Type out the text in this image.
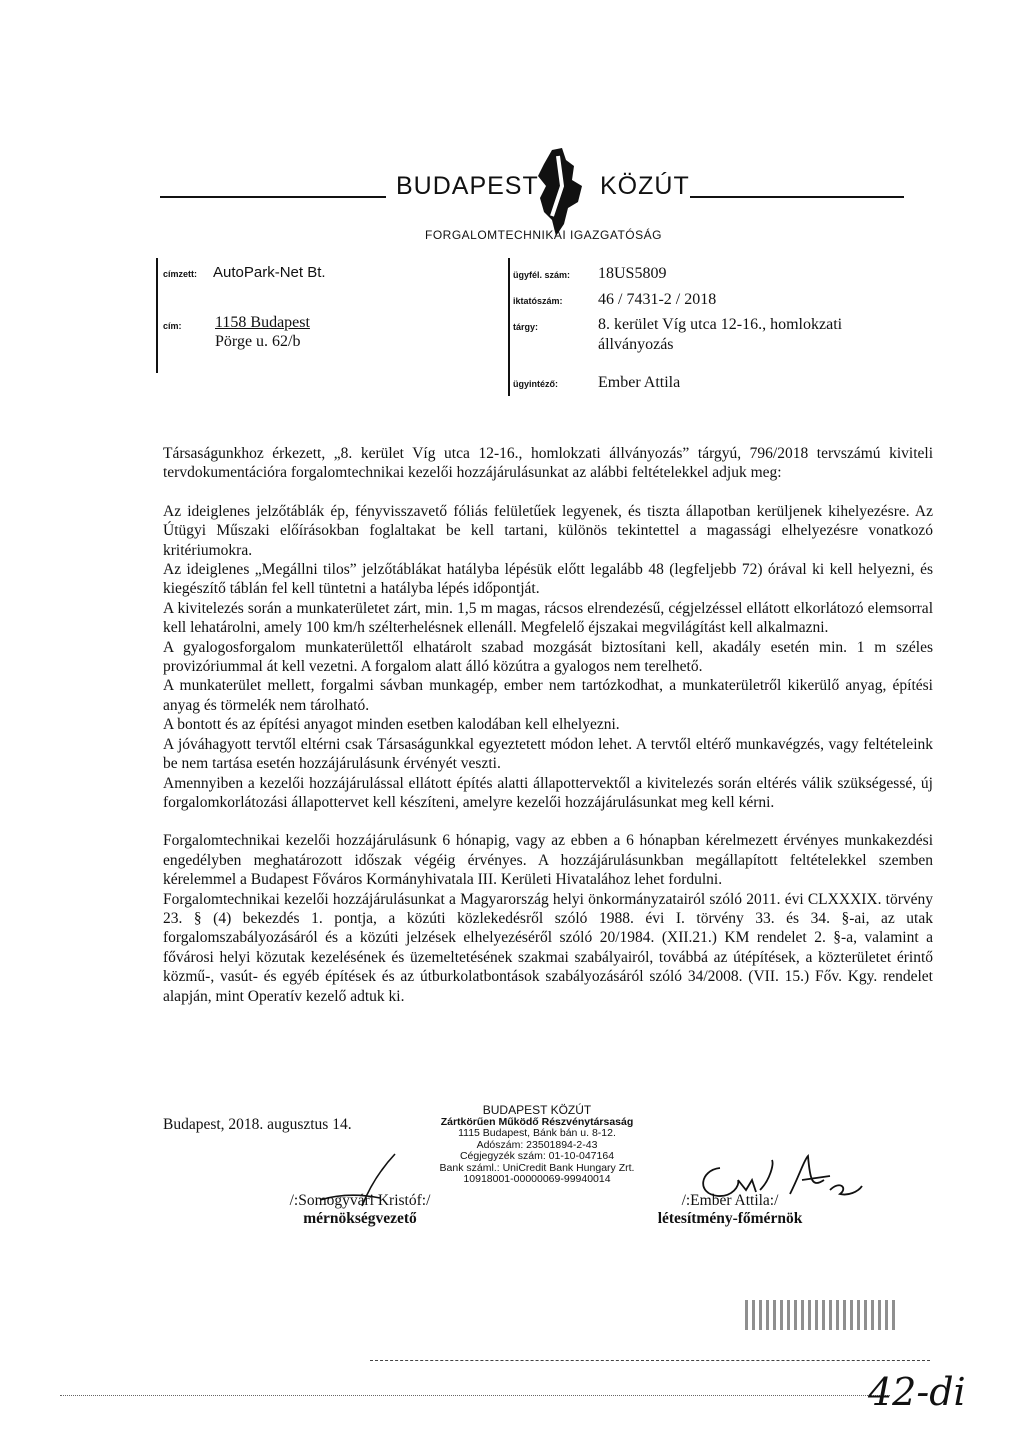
BUDAPEST KÖZÚT
FORGALOMTECHNIKAI IGAZGATÓSÁG
címzett: AutoPark-Net Bt.
cím: 1158 Budapest
Pörge u. 62/b
ügyfél. szám: 18US5809
iktatószám: 46 / 7431-2 / 2018
tárgy:	8. kerület Víg utca 12-16., homlokzati
állványozás
ügyintéző:	Ember Attila

Társaságunkhoz érkezett, „8. kerület Víg utca 12-16., homlokzati állványozás” tárgyú, 796/2018 tervszámú kiviteli tervdokumentációra forgalomtechnikai kezelői hozzájárulásunkat az alábbi feltételekkel adjuk meg:

Az ideiglenes jelzőtáblák ép, fényvisszavető fóliás felületűek legyenek, és tiszta állapotban kerüljenek kihelyezésre. Az Útügyi Műszaki előírásokban foglaltakat be kell tartani, különös tekintettel a magassági elhelyezésre vonatkozó kritériumokra.

Az ideiglenes „Megállni tilos” jelzőtáblákat hatályba lépésük előtt legalább 48 (legfeljebb 72) órával ki kell helyezni, és kiegészítő táblán fel kell tüntetni a hatályba lépés időpontját.

A kivitelezés során a munkaterületet zárt, min. 1,5 m magas, rácsos elrendezésű, cégjelzéssel ellátott elkorlátozó elemsorral kell lehatárolni, amely 100 km/h szélterhelésnek ellenáll. Megfelelő éjszakai megvilágítást kell alkalmazni.

A gyalogosforgalom munkaterülettől elhatárolt szabad mozgását biztosítani kell, akadály esetén min. 1 m széles provizóriummal át kell vezetni. A forgalom alatt álló közútra a gyalogos nem terelhető.

A munkaterület mellett, forgalmi sávban munkagép, ember nem tartózkodhat, a munkaterületről kikerülő anyag, építési anyag és törmelék nem tárolható.

A bontott és az építési anyagot minden esetben kalodában kell elhelyezni.

A jóváhagyott tervtől eltérni csak Társaságunkkal egyeztetett módon lehet. A tervtől eltérő munkavégzés, vagy feltételeink be nem tartása esetén hozzájárulásunk érvényét veszti.

Amennyiben a kezelői hozzájárulással ellátott építés alatti állapottervektől a kivitelezés során eltérés válik szükségessé, új forgalomkorlátozási állapottervet kell készíteni, amelyre kezelői hozzájárulásunkat meg kell kérni.

Forgalomtechnikai kezelői hozzájárulásunk 6 hónapig, vagy az ebben a 6 hónapban kérelmezett érvényes munkakezdési engedélyben meghatározott időszak végéig érvényes. A hozzájárulásunkban megállapított feltételekkel szemben kérelemmel a Budapest Főváros Kormányhivatala III. Kerületi Hivatalához lehet fordulni.

Forgalomtechnikai kezelői hozzájárulásunkat a Magyarország helyi önkormányzatairól szóló 2011. évi CLXXXIX. törvény 23. § (4) bekezdés 1. pontja, a közúti közlekedésről szóló 1988. évi I. törvény 33. és 34. §-ai, az utak forgalomszabályozásáról és a közúti jelzések elhelyezéséről szóló 20/1984. (XII.21.) KM rendelet 2. §-a, valamint a fővárosi helyi közutak kezelésének és üzemeltetésének szakmai szabályairól, továbbá az útépítések, a közterületet érintő közmű-, vasút- és egyéb építések és az útburkolatbontások szabályozásáról szóló 34/2008. (VII. 15.) Főv. Kgy. rendelet alapján, mint Operatív kezelő adtuk ki.

Budapest, 2018. augusztus 14.
BUDAPEST KÖZÚT
Zártkörűen Működő Részvénytársaság
1115 Budapest, Bánk bán u. 8-12.
Adószám: 23501894-2-43
Cégjegyzék szám: 01-10-047164
Bank száml.: UniCredit Bank Hungary Zrt.
10918001-00000069-99940014
/:Somogyvári Kristóf:/
mérnökségvezető
/:Ember Attila:/
létesítmény-főmérnök
42-di
